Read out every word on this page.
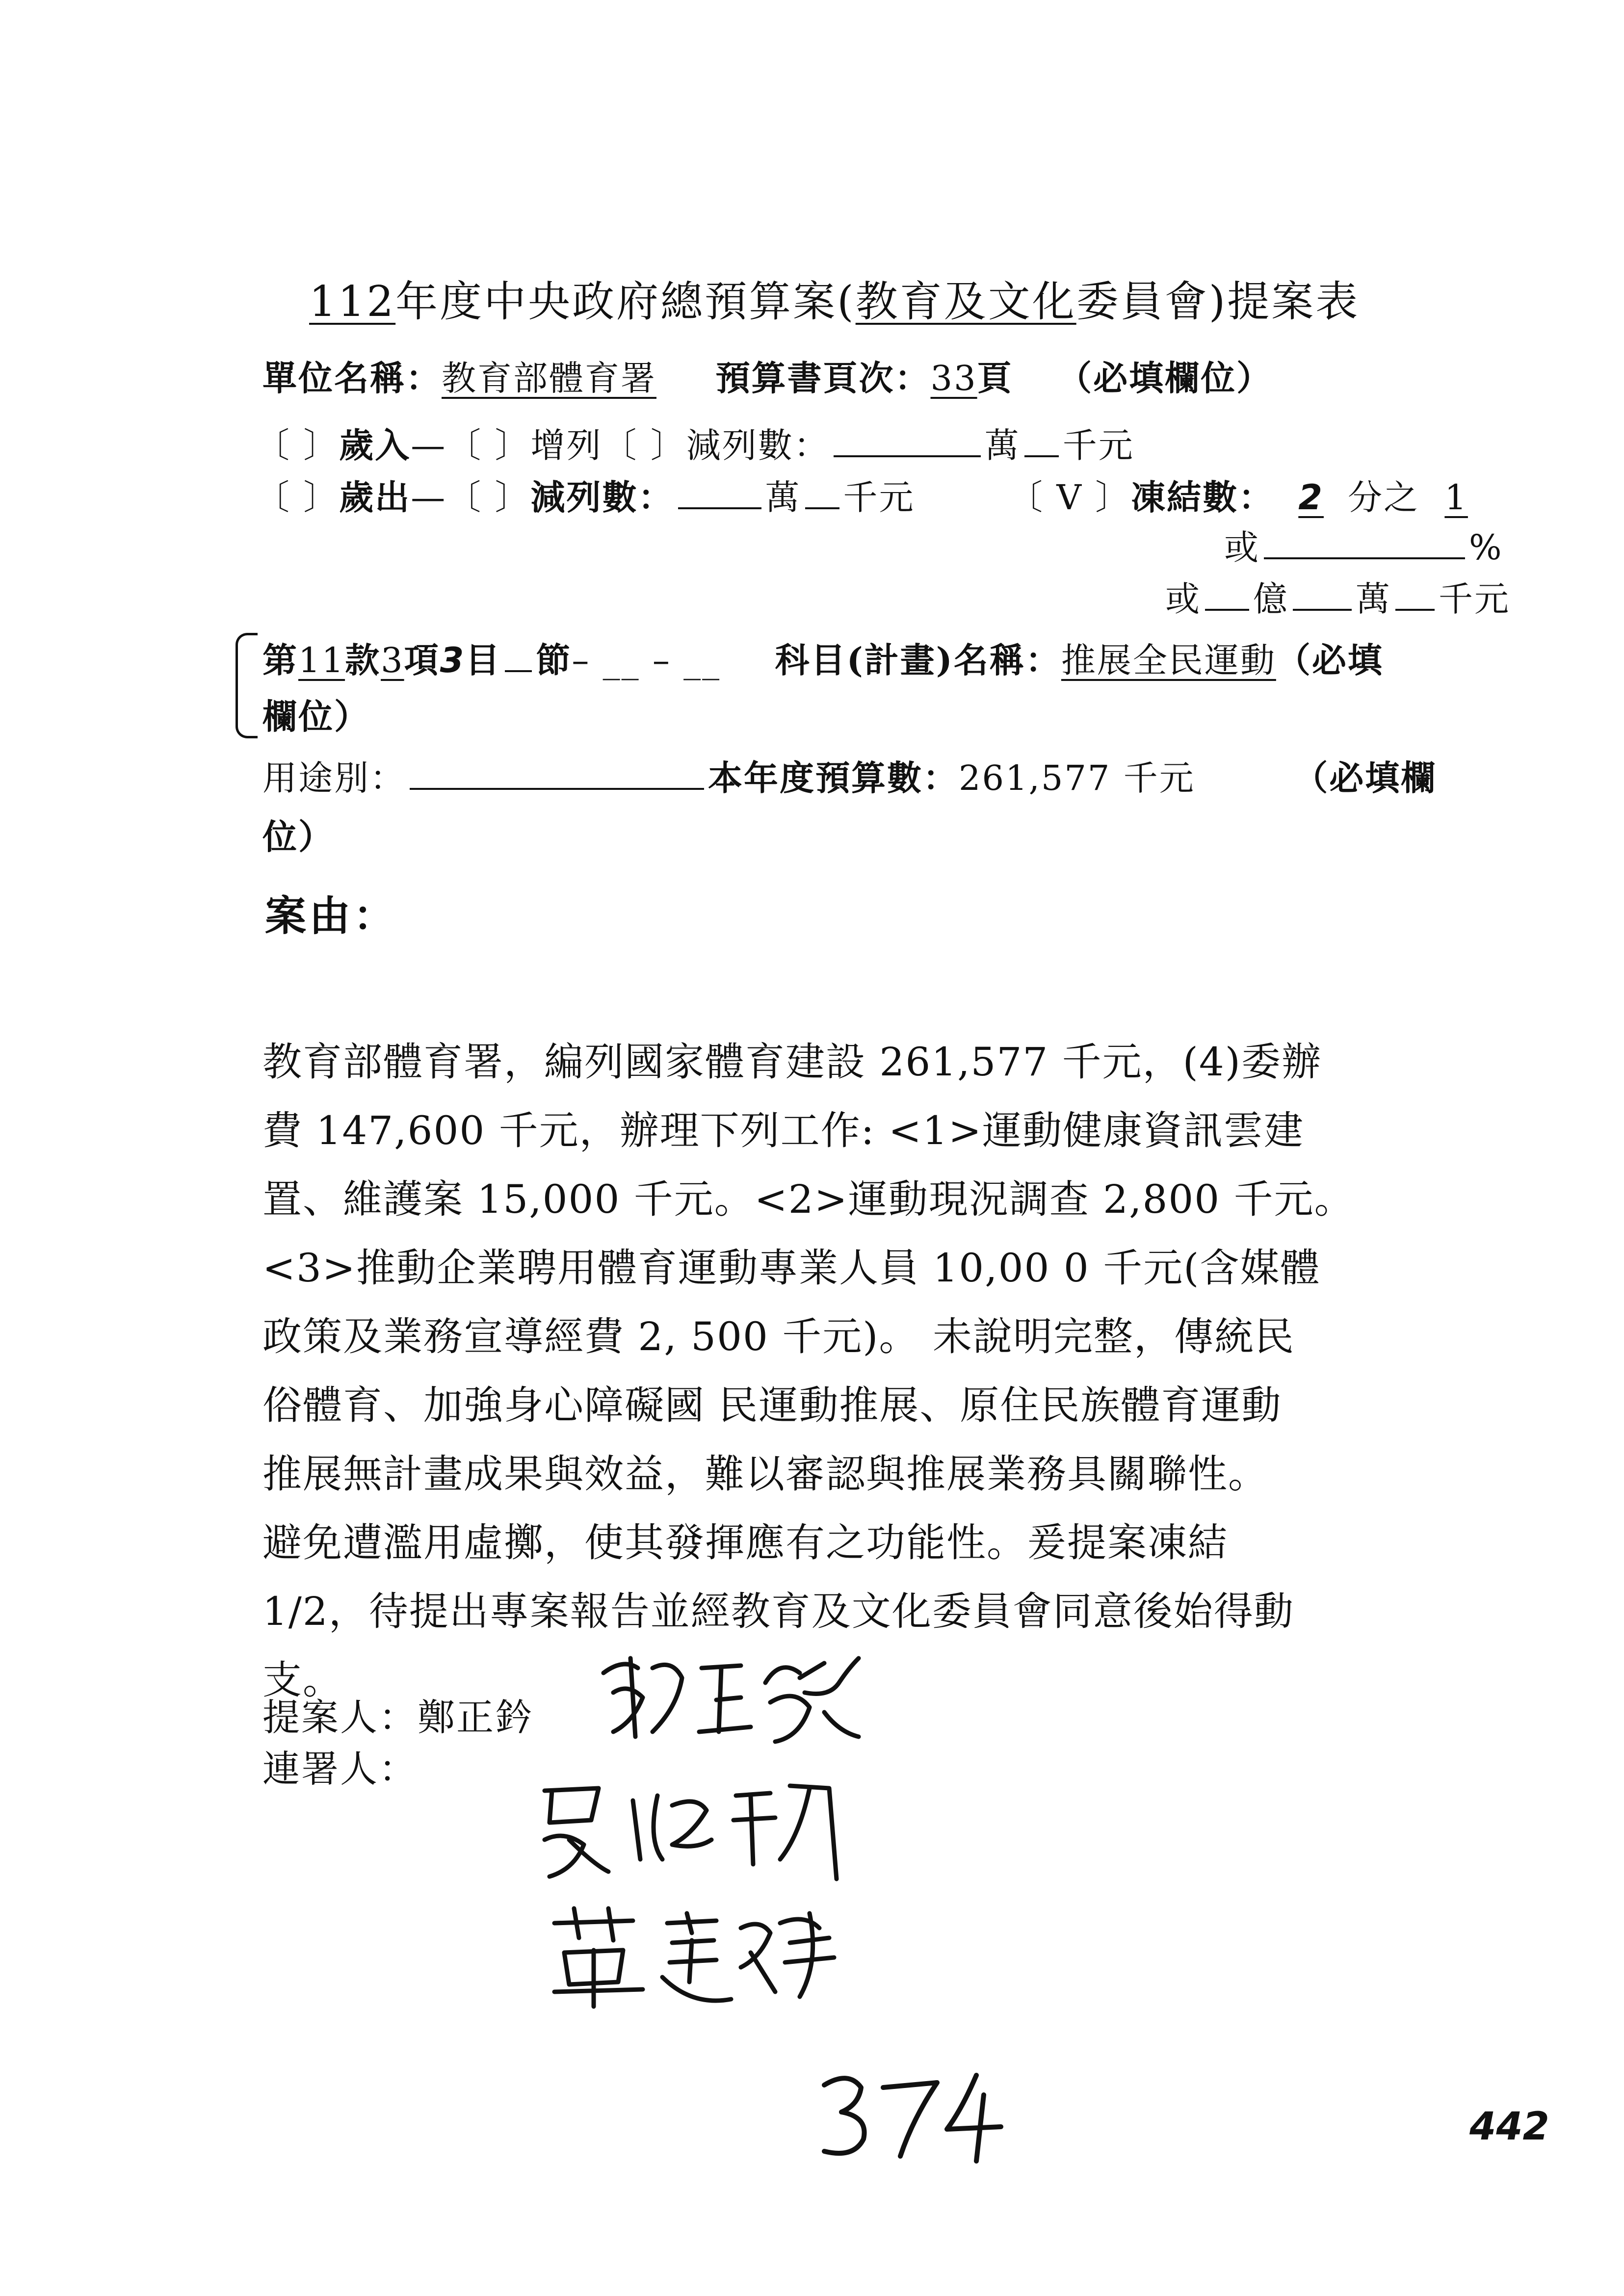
112年度中央政府總預算案(教育及文化委員會)提案表
單位名稱：教育部體育署 預算書頁次：33頁 （必填欄位）
〔 〕歲入—〔 〕增列〔 〕減列數：	萬 千元
〔 〕歲出—〔 〕減列數：	萬 千元	〔 V 〕凍結數： 2 分之 1
或	%
或 億 萬 千元
第11款3項3目 節– __ – __ 科目(計畫)名稱：推展全民運動（必填
欄位）
用途別：	本年度預算數：261,577 千元	（必填欄
位）
案由：

教育部體育署，編列國家體育建設 261,577 千元，(4)委辦

費 147,600 千元，辦理下列工作: <1>運動健康資訊雲建

置、維護案 15,000 千元。<2>運動現況調查 2,800 千元。

<3>推動企業聘用體育運動專業人員 10,00 0 千元(含媒體

政策及業務宣導經費 2, 500 千元)。 未說明完整，傳統民

俗體育、加強身心障礙國 民運動推展、原住民族體育運動

推展無計畫成果與效益，難以審認與推展業務具關聯性。

避免遭濫用虛擲，使其發揮應有之功能性。爰提案凍結

1/2，待提出專案報告並經教育及文化委員會同意後始得動

支。

提案人：鄭正鈐
連署人：
442
